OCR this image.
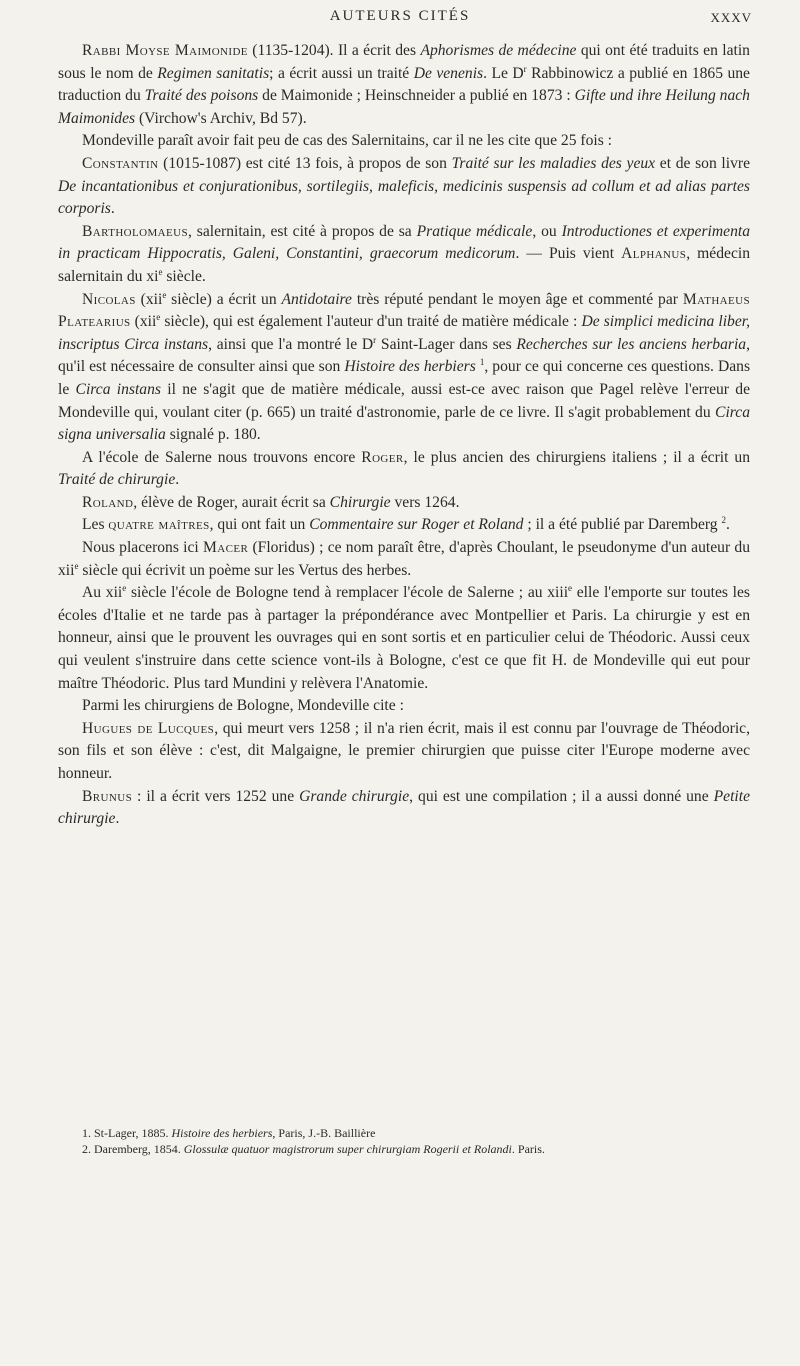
AUTEURS CITÉS	XXXV

Rabbi Moyse Maimonide (1135-1204). Il a écrit des Aphorismes de médecine qui ont été traduits en latin sous le nom de Regimen sanitatis; a écrit aussi un traité De venenis. Le $D^r$ Rabbinowicz a publié en 1865 une traduction du Traité des poisons de Maimonide ; Heinschneider a publié en 1873 : Gifte und ihre Heilung nach Maimonides (Virchow's Archiv, Bd 57).

Mondeville paraît avoir fait peu de cas des Salernitains, car il ne les cite que 25 fois :

Constantin (1015-1087) est cité 13 fois, à propos de son Traité sur les maladies des yeux et de son livre De incantationibus et conjurationibus, sortilegiis, maleficis, medicinis suspensis ad collum et ad alias partes corporis.

Bartholomaeus, salernitain, est cité à propos de sa Pratique médicale, ou Introductiones et experimenta in practicam Hippocratis, Galeni, Constantini, graecorum medicorum. — Puis vient Alphanus, médecin salernitain du $xi^e$ siècle.

Nicolas (xii$^e$ siècle) a écrit un Antidotaire très réputé pendant le moyen âge et commenté par Mathaeus Platearius (xii$^e$ siècle), qui est également l'auteur d'un traité de matière médicale : De simplici medicina liber, inscriptus Circa instans, ainsi que l'a montré le $D^r$ Saint-Lager dans ses Recherches sur les anciens herbaria, qu'il est nécessaire de consulter ainsi que son Histoire des herbiers $^1$, pour ce qui concerne ces questions. Dans le Circa instans il ne s'agit que de matière médicale, aussi est-ce avec raison que Pagel relève l'erreur de Mondeville qui, voulant citer (p. 665) un traité d'astronomie, parle de ce livre. Il s'agit probablement du Circa signa universalia signalé p. 180.

A l'école de Salerne nous trouvons encore Roger, le plus ancien des chirurgiens italiens ; il a écrit un Traité de chirurgie.

Roland, élève de Roger, aurait écrit sa Chirurgie vers 1264.

Les quatre maîtres, qui ont fait un Commentaire sur Roger et Roland ; il a été publié par Daremberg $^2$.

Nous placerons ici Macer (Floridus) ; ce nom paraît être, d'après Choulant, le pseudonyme d'un auteur du xii$^e$ siècle qui écrivit un poème sur les Vertus des herbes.

Au xii$^e$ siècle l'école de Bologne tend à remplacer l'école de Salerne ; au xiii$^e$ elle l'emporte sur toutes les écoles d'Italie et ne tarde pas à partager la prépondérance avec Montpellier et Paris. La chirurgie y est en honneur, ainsi que le prouvent les ouvrages qui en sont sortis et en particulier celui de Théodoric. Aussi ceux qui veulent s'instruire dans cette science vont-ils à Bologne, c'est ce que fit H. de Mondeville qui eut pour maître Théodoric. Plus tard Mundini y relèvera l'Anatomie.

Parmi les chirurgiens de Bologne, Mondeville cite :

Hugues de Lucques, qui meurt vers 1258 ; il n'a rien écrit, mais il est connu par l'ouvrage de Théodoric, son fils et son élève : c'est, dit Malgaigne, le premier chirurgien que puisse citer l'Europe moderne avec honneur.

Brunus : il a écrit vers 1252 une Grande chirurgie, qui est une compilation ; il a aussi donné une Petite chirurgie.

1. St-Lager, 1885. Histoire des herbiers, Paris, J.-B. Baillière

2. Daremberg, 1854. Glossulæ quatuor magistrorum super chirurgiam Rogerii et Rolandi. Paris.
